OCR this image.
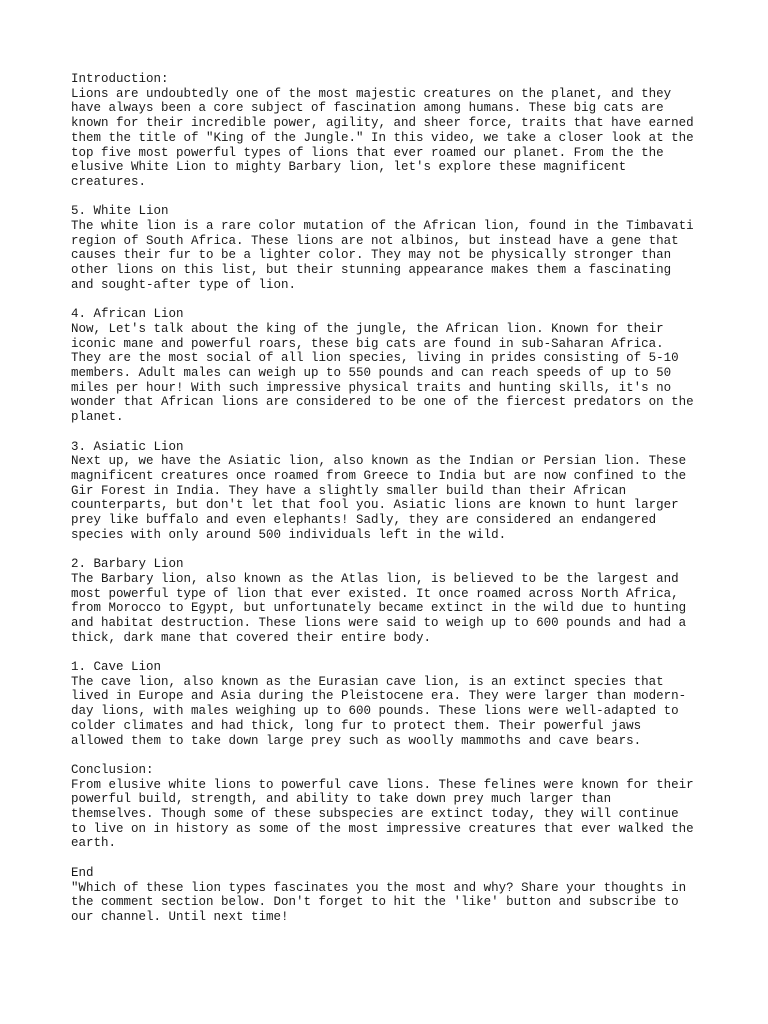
Introduction:
Lions are undoubtedly one of the most majestic creatures on the planet, and they
have always been a core subject of fascination among humans. These big cats are
known for their incredible power, agility, and sheer force, traits that have earned
them the title of "King of the Jungle." In this video, we take a closer look at the
top five most powerful types of lions that ever roamed our planet. From the the
elusive White Lion to mighty Barbary lion, let's explore these magnificent
creatures.
5. White Lion
The white lion is a rare color mutation of the African lion, found in the Timbavati
region of South Africa. These lions are not albinos, but instead have a gene that
causes their fur to be a lighter color. They may not be physically stronger than
other lions on this list, but their stunning appearance makes them a fascinating
and sought-after type of lion.
4. African Lion
Now, Let's talk about the king of the jungle, the African lion. Known for their
iconic mane and powerful roars, these big cats are found in sub-Saharan Africa.
They are the most social of all lion species, living in prides consisting of 5-10
members. Adult males can weigh up to 550 pounds and can reach speeds of up to 50
miles per hour! With such impressive physical traits and hunting skills, it's no
wonder that African lions are considered to be one of the fiercest predators on the
planet.
3. Asiatic Lion
Next up, we have the Asiatic lion, also known as the Indian or Persian lion. These
magnificent creatures once roamed from Greece to India but are now confined to the
Gir Forest in India. They have a slightly smaller build than their African
counterparts, but don't let that fool you. Asiatic lions are known to hunt larger
prey like buffalo and even elephants! Sadly, they are considered an endangered
species with only around 500 individuals left in the wild.
2. Barbary Lion
The Barbary lion, also known as the Atlas lion, is believed to be the largest and
most powerful type of lion that ever existed. It once roamed across North Africa,
from Morocco to Egypt, but unfortunately became extinct in the wild due to hunting
and habitat destruction. These lions were said to weigh up to 600 pounds and had a
thick, dark mane that covered their entire body.
1. Cave Lion
The cave lion, also known as the Eurasian cave lion, is an extinct species that
lived in Europe and Asia during the Pleistocene era. They were larger than modern-
day lions, with males weighing up to 600 pounds. These lions were well-adapted to
colder climates and had thick, long fur to protect them. Their powerful jaws
allowed them to take down large prey such as woolly mammoths and cave bears.
Conclusion:
From elusive white lions to powerful cave lions. These felines were known for their
powerful build, strength, and ability to take down prey much larger than
themselves. Though some of these subspecies are extinct today, they will continue
to live on in history as some of the most impressive creatures that ever walked the
earth.
End
"Which of these lion types fascinates you the most and why? Share your thoughts in
the comment section below. Don't forget to hit the 'like' button and subscribe to
our channel. Until next time!
